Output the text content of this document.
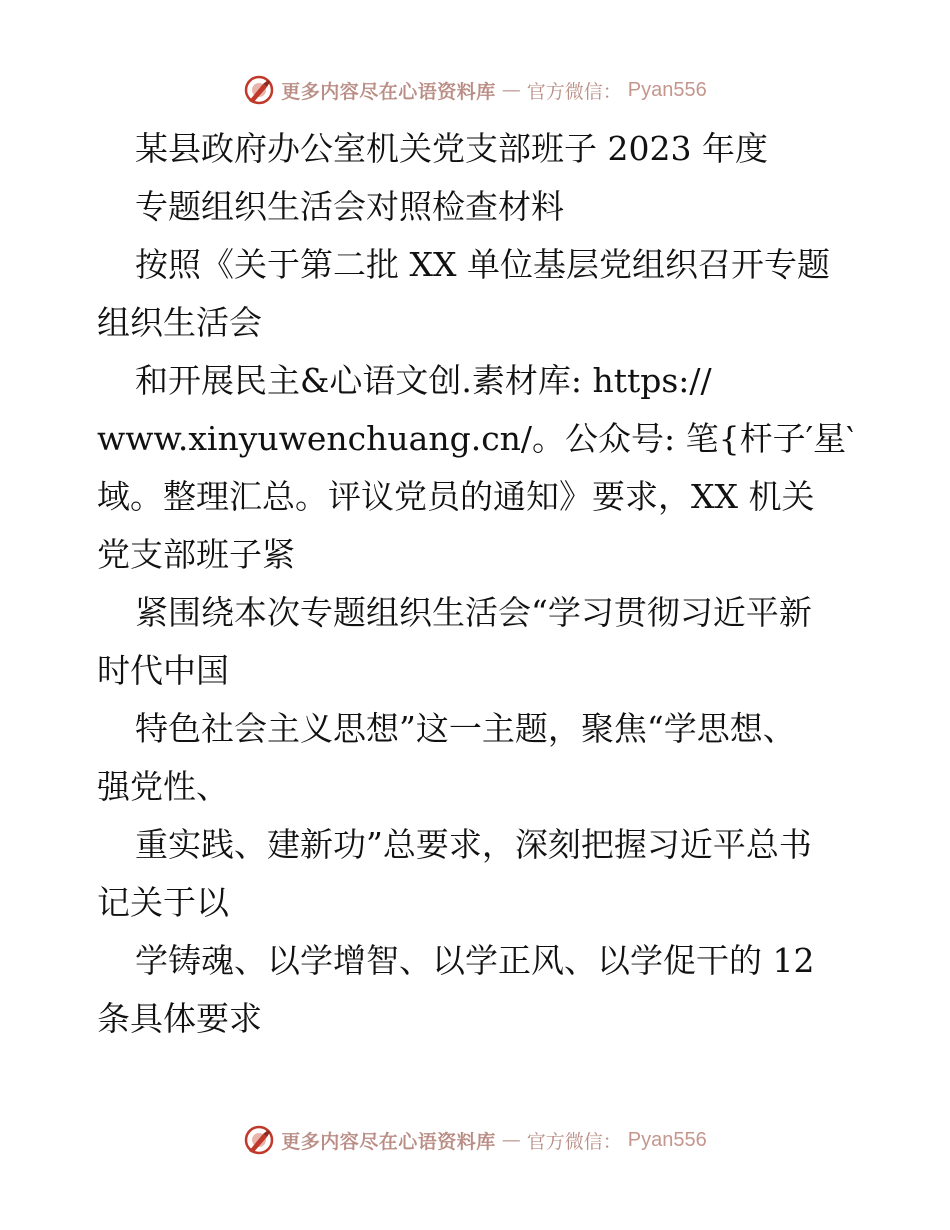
更多内容尽在心语资料库 — 官方微信： Pyan556

某县政府办公室机关党支部班子 2023 年度

专题组织生活会对照检查材料

按照《关于第二批 XX 单位基层党组织召开专题

组织生活会

和开展民主&心语文创.素材库: https://

www.xinyuwenchuang.cn/。公众号: 笔{杆子′星‵

域。整理汇总。评议党员的通知》要求，XX 机关

党支部班子紧

紧围绕本次专题组织生活会“学习贯彻习近平新

时代中国

特色社会主义思想”这一主题，聚焦“学思想、

强党性、

重实践、建新功”总要求，深刻把握习近平总书

记关于以

学铸魂、以学增智、以学正风、以学促干的 12

条具体要求

更多内容尽在心语资料库 — 官方微信： Pyan556
